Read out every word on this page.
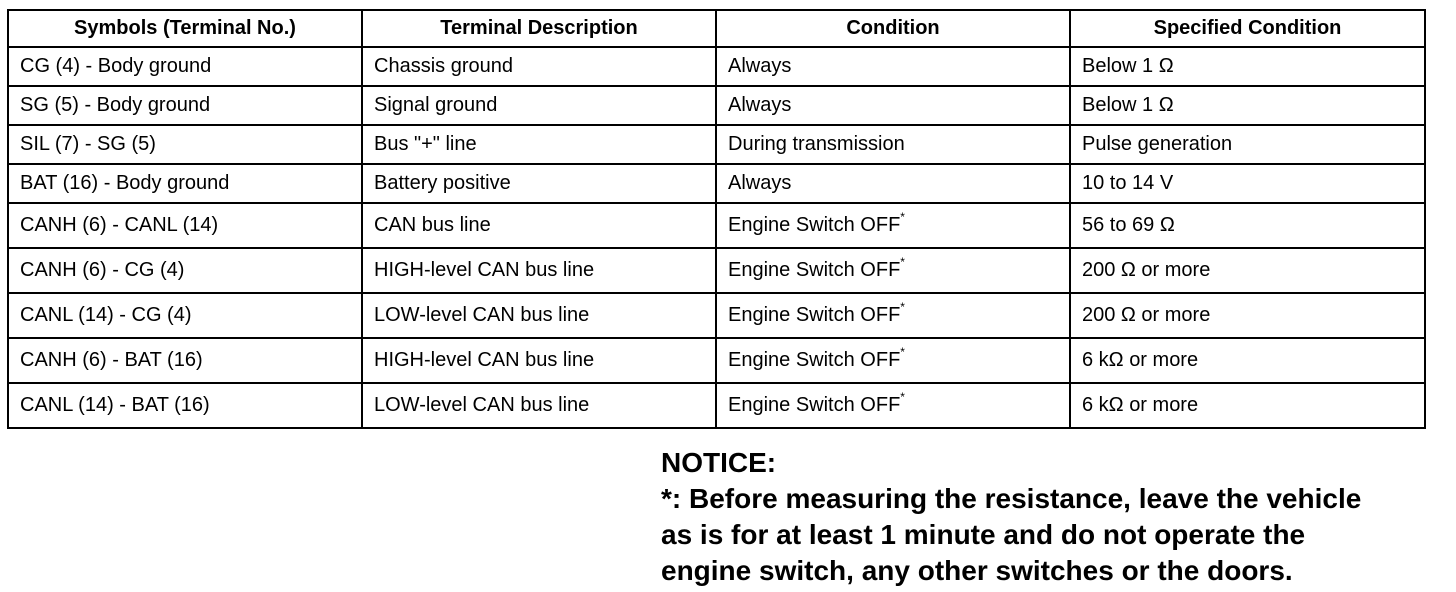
Symbols (Terminal No.)	Terminal Description	Condition	Specified Condition
CG (4) - Body ground	Chassis ground	Always	Below 1 Ω
SG (5) - Body ground	Signal ground	Always	Below 1 Ω
SIL (7) - SG (5)	Bus "+" line	During transmission	Pulse generation
BAT (16) - Body ground	Battery positive	Always	10 to 14 V
CANH (6) - CANL (14)	CAN bus line	Engine Switch OFF*	56 to 69 Ω
CANH (6) - CG (4)	HIGH-level CAN bus line	Engine Switch OFF*	200 Ω or more
CANL (14) - CG (4)	LOW-level CAN bus line	Engine Switch OFF*	200 Ω or more
CANH (6) - BAT (16)	HIGH-level CAN bus line	Engine Switch OFF*	6 kΩ or more
CANL (14) - BAT (16)	LOW-level CAN bus line	Engine Switch OFF*	6 kΩ or more
NOTICE:
*: Before measuring the resistance, leave the vehicle
as is for at least 1 minute and do not operate the
engine switch, any other switches or the doors.
